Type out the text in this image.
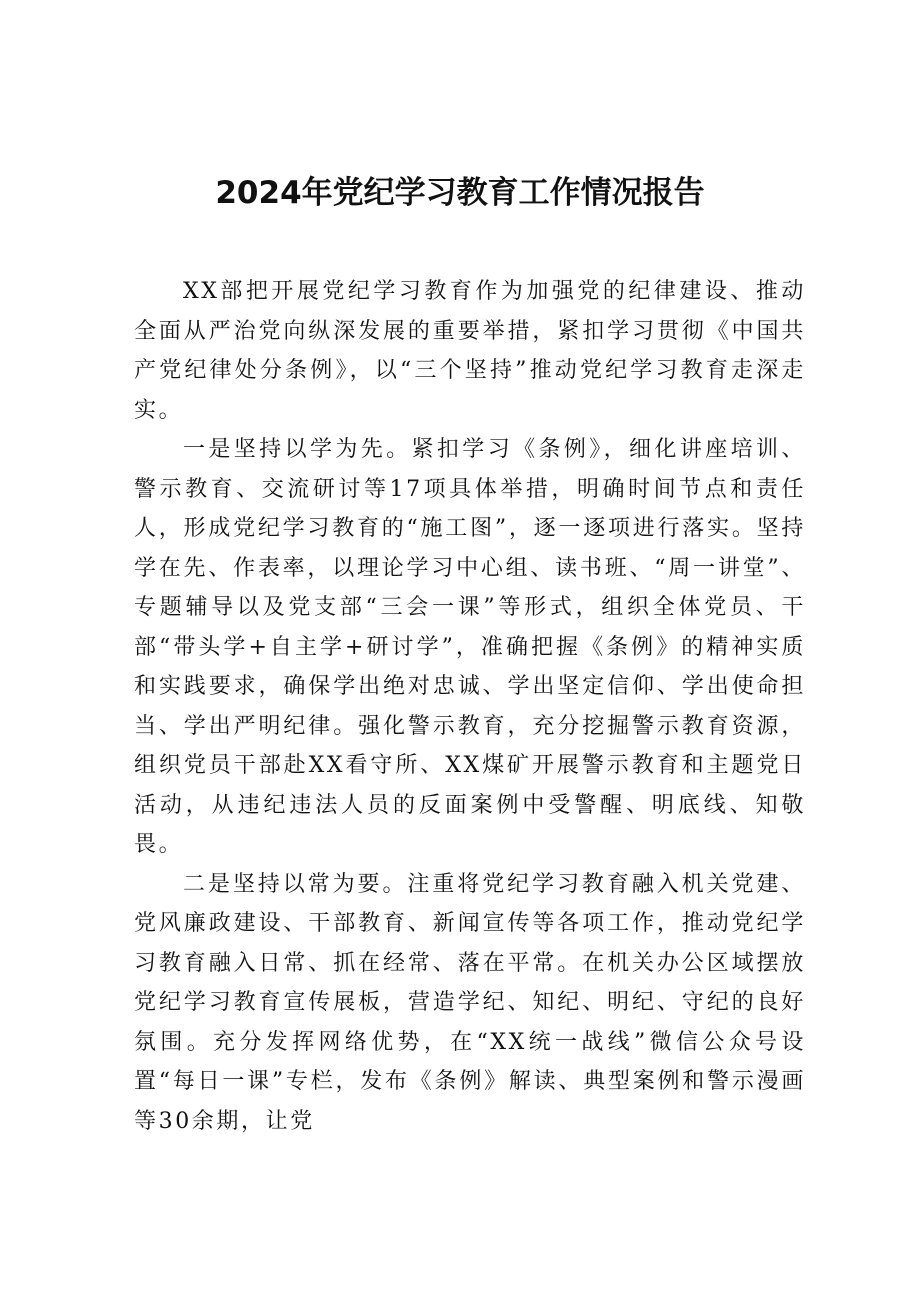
2024年党纪学习教育工作情况报告

XX部把开展党纪学习教育作为加强党的纪律建设、推动全面从严治党向纵深发展的重要举措，紧扣学习贯彻《中国共产党纪律处分条例》，以“三个坚持”推动党纪学习教育走深走实。

一是坚持以学为先。紧扣学习《条例》，细化讲座培训、警示教育、交流研讨等17项具体举措，明确时间节点和责任人，形成党纪学习教育的“施工图”，逐一逐项进行落实。坚持学在先、作表率，以理论学习中心组、读书班、“周一讲堂”、专题辅导以及党支部“三会一课”等形式，组织全体党员、干部“带头学+自主学+研讨学”，准确把握《条例》的精神实质和实践要求，确保学出绝对忠诚、学出坚定信仰、学出使命担当、学出严明纪律。强化警示教育，充分挖掘警示教育资源，组织党员干部赴XX看守所、XX煤矿开展警示教育和主题党日活动，从违纪违法人员的反面案例中受警醒、明底线、知敬畏。

二是坚持以常为要。注重将党纪学习教育融入机关党建、党风廉政建设、干部教育、新闻宣传等各项工作，推动党纪学习教育融入日常、抓在经常、落在平常。在机关办公区域摆放党纪学习教育宣传展板，营造学纪、知纪、明纪、守纪的良好氛围。充分发挥网络优势，在“XX统一战线”微信公众号设置“每日一课”专栏，发布《条例》解读、典型案例和警示漫画等30余期，让党
